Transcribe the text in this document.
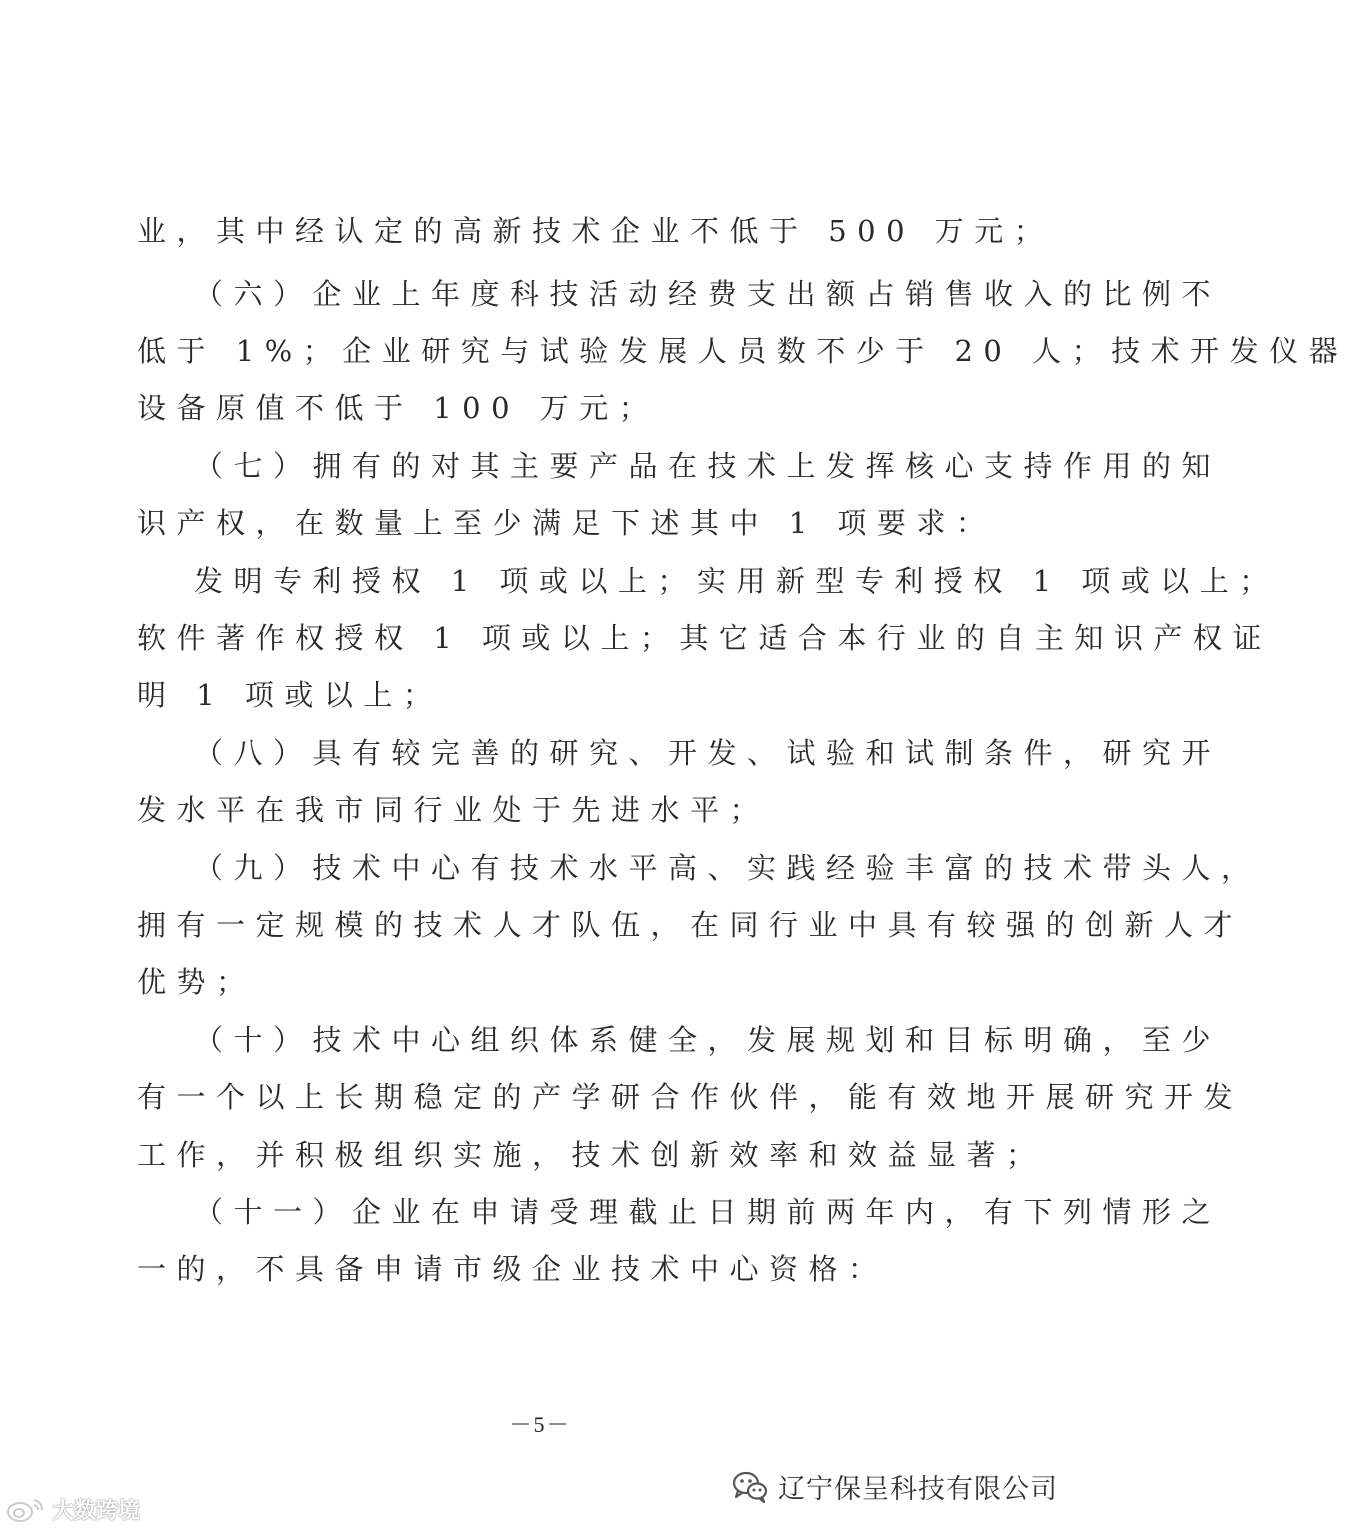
业，其中经认定的高新技术企业不低于 500 万元；
（六）企业上年度科技活动经费支出额占销售收入的比例不
低于 1%；企业研究与试验发展人员数不少于 20 人；技术开发仪器
设备原值不低于 100 万元；
（七）拥有的对其主要产品在技术上发挥核心支持作用的知
识产权，在数量上至少满足下述其中 1 项要求：
发明专利授权 1 项或以上；实用新型专利授权 1 项或以上；
软件著作权授权 1 项或以上；其它适合本行业的自主知识产权证
明 1 项或以上；
（八）具有较完善的研究、开发、试验和试制条件，研究开
发水平在我市同行业处于先进水平；
（九）技术中心有技术水平高、实践经验丰富的技术带头人，
拥有一定规模的技术人才队伍，在同行业中具有较强的创新人才
优势；
（十）技术中心组织体系健全，发展规划和目标明确，至少
有一个以上长期稳定的产学研合作伙伴，能有效地开展研究开发
工作，并积极组织实施，技术创新效率和效益显著；
（十一）企业在申请受理截止日期前两年内，有下列情形之
一的，不具备申请市级企业技术中心资格：
－5－
辽宁保呈科技有限公司
大数跨境
